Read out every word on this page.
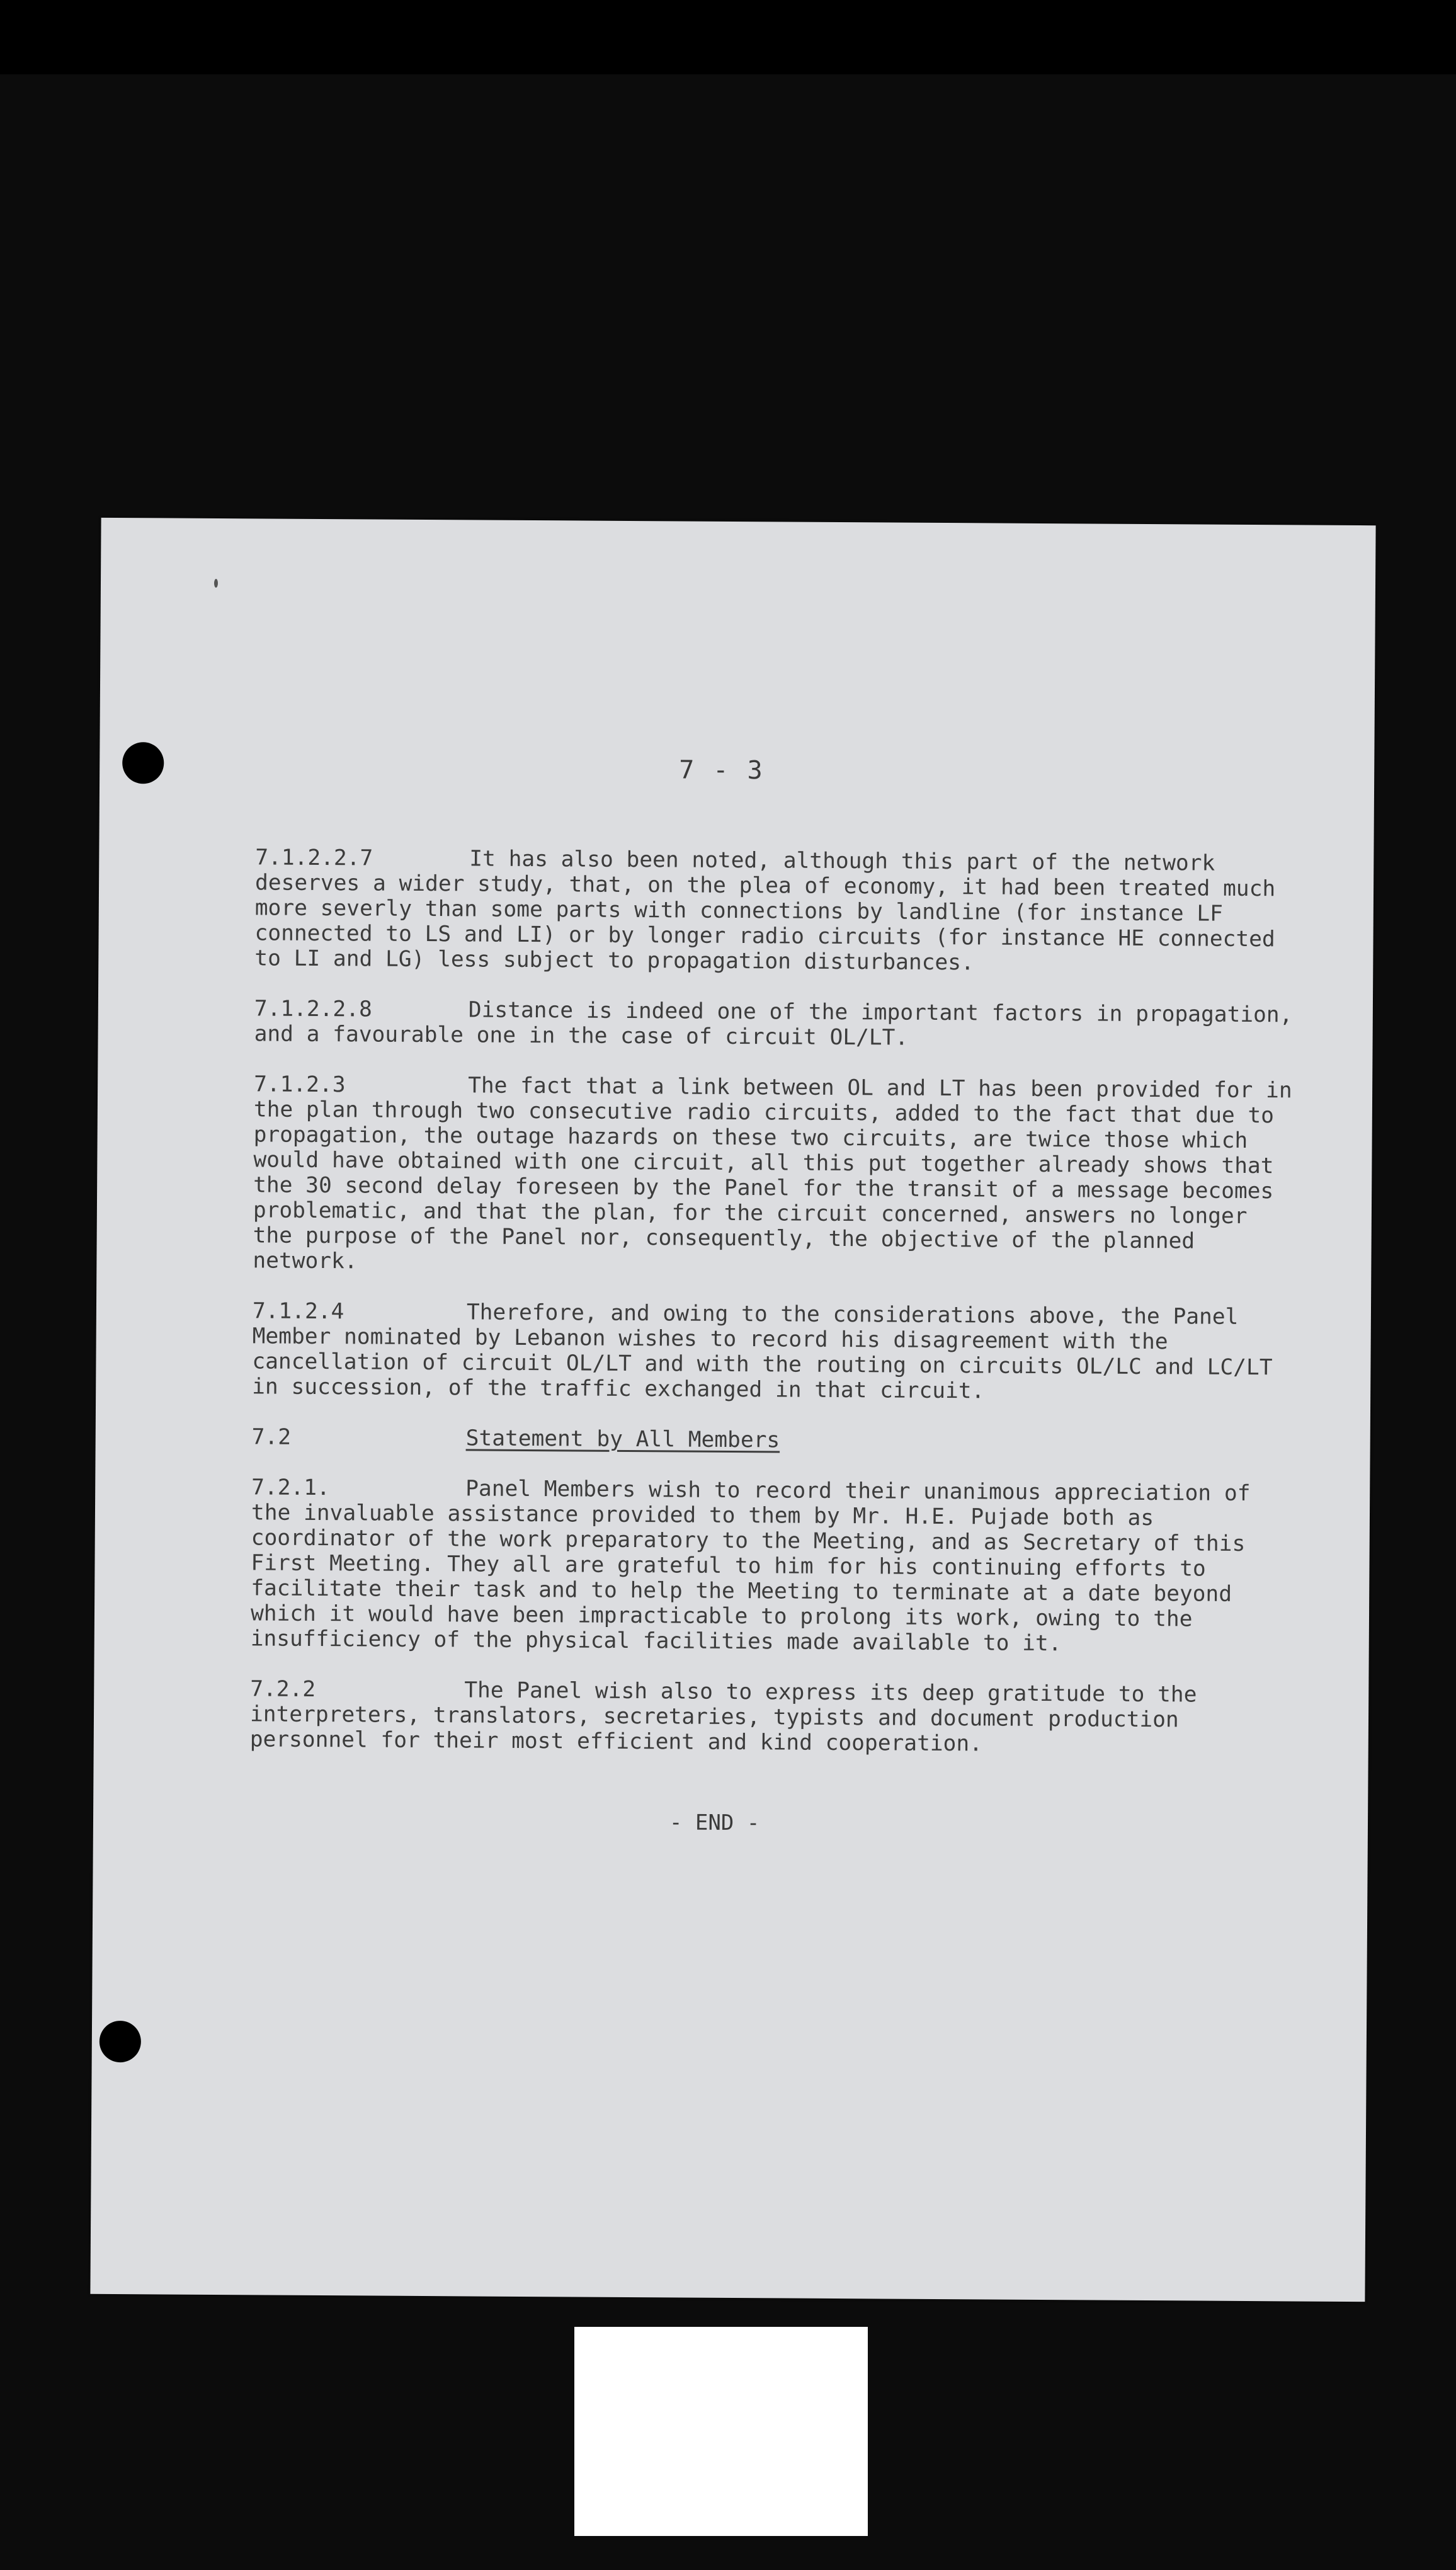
7 - 3

7.1.2.2.7	It has also been noted, although this part of the network deserves a wider study, that, on the plea of economy, it had been treated much more severly than some parts with connections by landline (for instance LF connected to LS and LI) or by longer radio circuits (for instance HE connected to LI and LG) less subject to propagation disturbances.

7.1.2.2.8	Distance is indeed one of the important factors in propagation, and a favourable one in the case of circuit OL/LT.

7.1.2.3	The fact that a link between OL and LT has been provided for in the plan through two consecutive radio circuits, added to the fact that due to propagation, the outage hazards on these two circuits, are twice those which would have obtained with one circuit, all this put together already shows that the 30 second delay foreseen by the Panel for the transit of a message becomes problematic, and that the plan, for the circuit concerned, answers no longer the purpose of the Panel nor, consequently, the objective of the planned network.

7.1.2.4	Therefore, and owing to the considerations above, the Panel Member nominated by Lebanon wishes to record his disagreement with the cancellation of circuit OL/LT and with the routing on circuits OL/LC and LC/LT in succession, of the traffic exchanged in that circuit.

7.2	Statement by All Members

7.2.1.	Panel Members wish to record their unanimous appreciation of the invaluable assistance provided to them by Mr. H.E. Pujade both as coordinator of the work preparatory to the Meeting, and as Secretary of this First Meeting. They all are grateful to him for his continuing efforts to facilitate their task and to help the Meeting to terminate at a date beyond which it would have been impracticable to prolong its work, owing to the insufficiency of the physical facilities made available to it.

7.2.2	The Panel wish also to express its deep gratitude to the interpreters, translators, secretaries, typists and document production personnel for their most efficient and kind cooperation.

- END -
